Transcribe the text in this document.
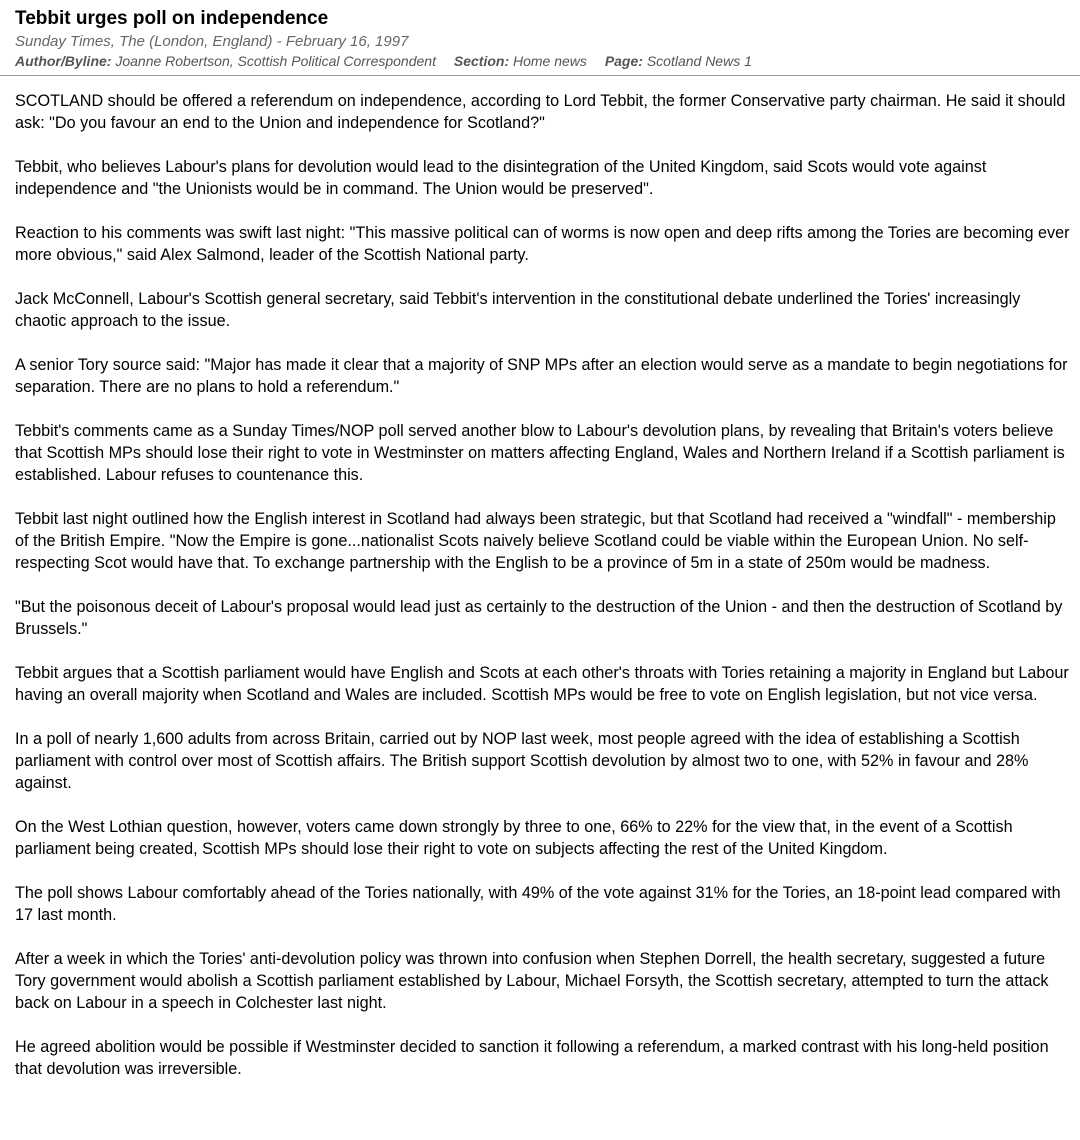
Tebbit urges poll on independence
Sunday Times, The (London, England) - February 16, 1997
Author/Byline: Joanne Robertson, Scottish Political Correspondent Section: Home news Page: Scotland News 1

SCOTLAND should be offered a referendum on independence, according to Lord Tebbit, the former Conservative party chairman. He said it should ask: "Do you favour an end to the Union and independence for Scotland?"

Tebbit, who believes Labour's plans for devolution would lead to the disintegration of the United Kingdom, said Scots would vote against independence and "the Unionists would be in command. The Union would be preserved".

Reaction to his comments was swift last night: "This massive political can of worms is now open and deep rifts among the Tories are becoming ever more obvious," said Alex Salmond, leader of the Scottish National party.

Jack McConnell, Labour's Scottish general secretary, said Tebbit's intervention in the constitutional debate underlined the Tories' increasingly chaotic approach to the issue.

A senior Tory source said: "Major has made it clear that a majority of SNP MPs after an election would serve as a mandate to begin negotiations for separation. There are no plans to hold a referendum."

Tebbit's comments came as a Sunday Times/NOP poll served another blow to Labour's devolution plans, by revealing that Britain's voters believe that Scottish MPs should lose their right to vote in Westminster on matters affecting England, Wales and Northern Ireland if a Scottish parliament is established. Labour refuses to countenance this.

Tebbit last night outlined how the English interest in Scotland had always been strategic, but that Scotland had received a "windfall" - membership of the British Empire. "Now the Empire is gone...nationalist Scots naively believe Scotland could be viable within the European Union. No self-respecting Scot would have that. To exchange partnership with the English to be a province of 5m in a state of 250m would be madness.

"But the poisonous deceit of Labour's proposal would lead just as certainly to the destruction of the Union - and then the destruction of Scotland by Brussels."

Tebbit argues that a Scottish parliament would have English and Scots at each other's throats with Tories retaining a majority in England but Labour having an overall majority when Scotland and Wales are included. Scottish MPs would be free to vote on English legislation, but not vice versa.

In a poll of nearly 1,600 adults from across Britain, carried out by NOP last week, most people agreed with the idea of establishing a Scottish parliament with control over most of Scottish affairs. The British support Scottish devolution by almost two to one, with 52% in favour and 28% against.

On the West Lothian question, however, voters came down strongly by three to one, 66% to 22% for the view that, in the event of a Scottish parliament being created, Scottish MPs should lose their right to vote on subjects affecting the rest of the United Kingdom.

The poll shows Labour comfortably ahead of the Tories nationally, with 49% of the vote against 31% for the Tories, an 18-point lead compared with 17 last month.

After a week in which the Tories' anti-devolution policy was thrown into confusion when Stephen Dorrell, the health secretary, suggested a future Tory government would abolish a Scottish parliament established by Labour, Michael Forsyth, the Scottish secretary, attempted to turn the attack back on Labour in a speech in Colchester last night.

He agreed abolition would be possible if Westminster decided to sanction it following a referendum, a marked contrast with his long-held position that devolution was irreversible.
